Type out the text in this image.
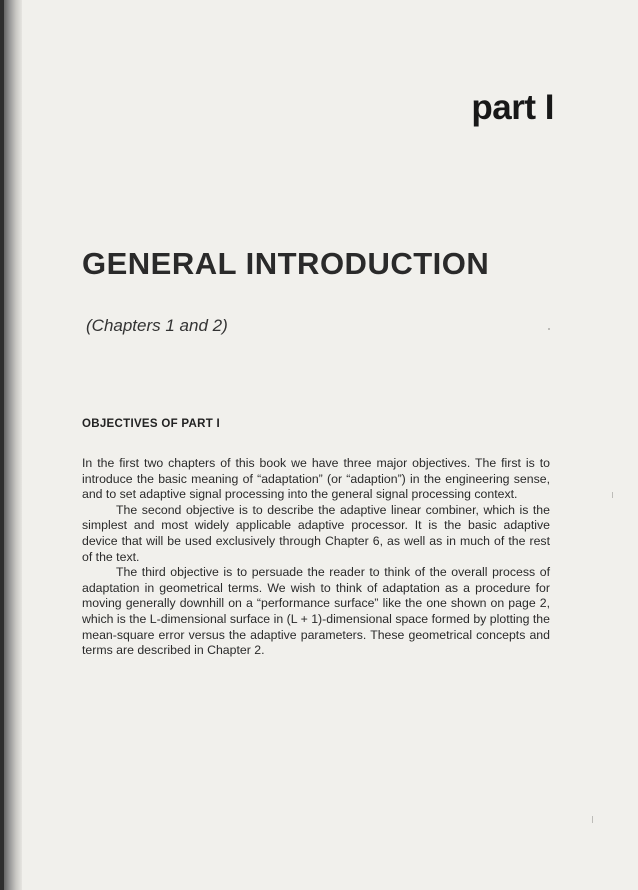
part I
GENERAL INTRODUCTION
(Chapters 1 and 2)
OBJECTIVES OF PART I

In the first two chapters of this book we have three major objectives. The first is to introduce the basic meaning of “adaptation” (or “adaption”) in the engineering sense, and to set adaptive signal processing into the general signal processing context.

The second objective is to describe the adaptive linear combiner, which is the simplest and most widely applicable adaptive processor. It is the basic adaptive device that will be used exclusively through Chapter 6, as well as in much of the rest of the text.

The third objective is to persuade the reader to think of the overall process of adaptation in geometrical terms. We wish to think of adaptation as a procedure for moving generally downhill on a “performance surface” like the one shown on page 2, which is the L-dimensional surface in (L + 1)-dimensional space formed by plotting the mean-square error versus the adaptive parameters. These geometrical concepts and terms are described in Chapter 2.
